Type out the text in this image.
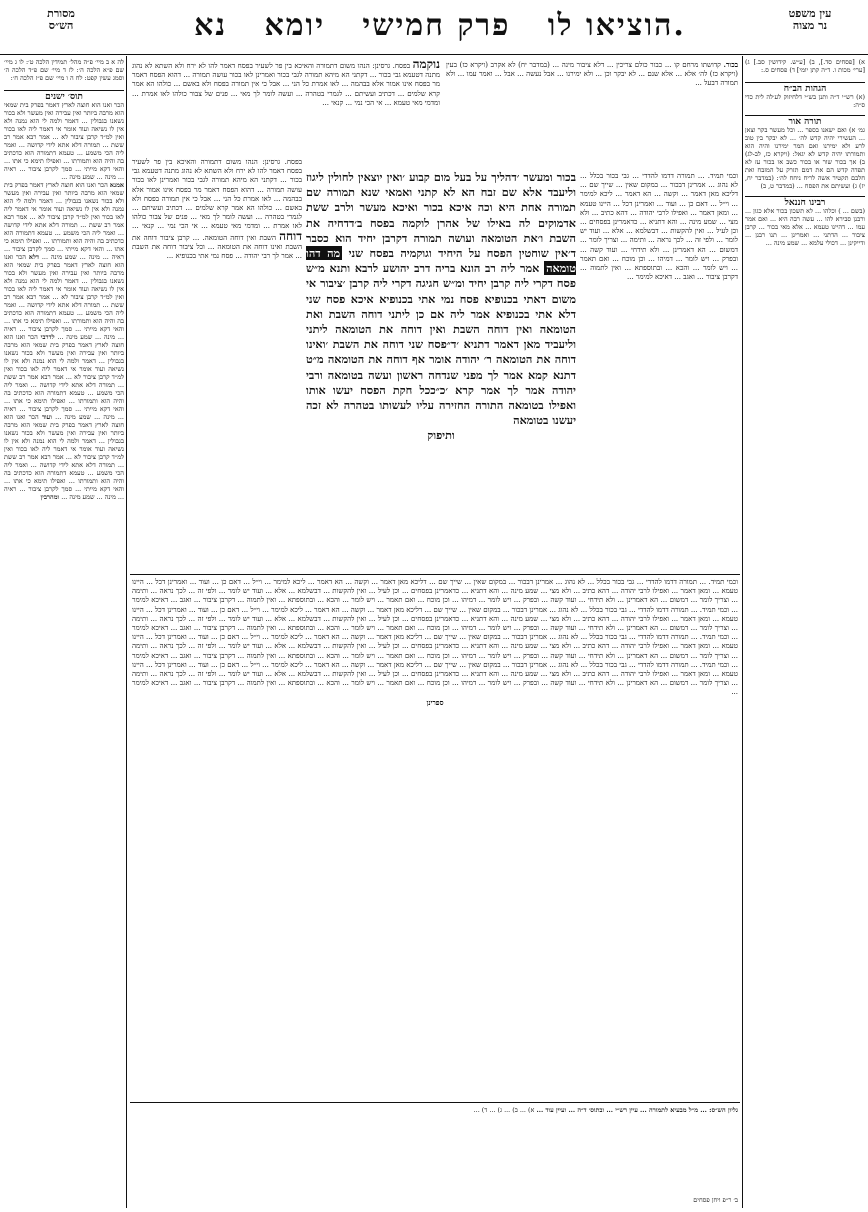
מסורת
הש״ס	הוציאו לו   פרק חמישי   יומא   נא.	עין משפט
נר מצוה
א) [פסחים סד.], ב) [ע״ש. קידושין סב.] ג) [ערי׳ מכות ו. ד״ה קתן יומי] ד) פסחים ס.:
הגהות הב״ח
(א) רש״י ד״ה ותנן בש״י דלחיזוק לע׳לה לית כדי ס״ה:
תורה אור
גמ׳ א) ואם ישאנו בספר ... וכל מעשר בקר וצאן ... העשירי יהיה קדש לה׳ ... לא יבקר בין טוב לרע ולא ימירנו ואם המר ימירנו והיה הוא ותמורתו יהיה קדש לא יגאל: (ויקרא כז, לב-לג) ב) אך בכור שור או בכור כשב או בכור עז לא תפדה קדש הם את דמם תזרק על המזבח ואת חלבם תקטיר אשה לריח ניחח לה׳: (במדבר יח, יז) ג) ועשיתם את הפסח ... (במדבר ט, ב)
רבינו חננאל
(בשם ... ) וכלהו ... לא תשכון בכור אלא כגון ... ורבנן סבירא להו ... עשה רבה היא ... ואם אמר עמו ... דהיינו טעמא ... אלא מאי בכור ... קרבן ציבור ... הדתני ... ואמרינן ... תנו רבנן ... ודייקינן ... דכולי עלמא ... שמע מינה ...
לה א ב מיי׳ פ״ה מהל׳ תמידין הלכה ט׳: לו ג מיי׳ שם פ״א הלכה ה׳: לז ד מיי׳ שם פ״ד הלכה ה׳ וסמג עשין קפט: לח ה ו מיי׳ שם פ״ז הלכה ח׳:
תוס׳ ישנים
הכר ואנו הוא חוצה לארץ דאמר בפרק בית שמאי הוא מרבה ביותר ואין עבירה ואין מעשר ולא בכור נשאנו בגבולין ... דאמר ולמה לי הוא נמנה ולא אין לו נשיאה ועוד אומר אי דאמר ליה לאו בכור ואין למ״ד קרבן ציבור לא ... אמר רבא אמר רב ששת ... תמורה דלא אתא לידי קדושה ... ואמר ליה הכי משמע ... טעמא דתמורה הוא כדכתיב בה והיה הוא ותמורתו ... ואפילו תימא כי אתו ... והאי דקא מייתי ... סמך לקרבן ציבור ... ראיה ... מינה ... שמע מינה ...
אמנא הכר ואנו הוא חוצה לארץ דאמר בפרק בית שמאי הוא מרבה ביותר ואין עבירה ואין מעשר ולא בכור נשאנו בגבולין ... דאמר ולמה לי הוא נמנה ולא אין לו נשיאה ועוד אומר אי דאמר ליה לאו בכור ואין למ״ד קרבן ציבור לא ... אמר רבא אמר רב ששת ... תמורה דלא אתא לידי קדושה ... ואמר ליה הכי משמע ... טעמא דתמורה הוא כדכתיב בה והיה הוא ותמורתו ... ואפילו תימא כי אתו ... והאי דקא מייתי ... סמך לקרבן ציבור ... ראיה ... מינה ... שמע מינה ... דלא הכר ואנו הוא חוצה לארץ דאמר בפרק בית שמאי הוא מרבה ביותר ואין עבירה ואין מעשר ולא בכור נשאנו בגבולין ... דאמר ולמה לי הוא נמנה ולא אין לו נשיאה ועוד אומר אי דאמר ליה לאו בכור ואין למ״ד קרבן ציבור לא ... אמר רבא אמר רב ששת ... תמורה דלא אתא לידי קדושה ... ואמר ליה הכי משמע ... טעמא דתמורה הוא כדכתיב בה והיה הוא ותמורתו ... ואפילו תימא כי אתו ... והאי דקא מייתי ... סמך לקרבן ציבור ... ראיה ... מינה ... שמע מינה ... לדרבי הכר ואנו הוא חוצה לארץ דאמר בפרק בית שמאי הוא מרבה ביותר ואין עבירה ואין מעשר ולא בכור נשאנו בגבולין ... דאמר ולמה לי הוא נמנה ולא אין לו נשיאה ועוד אומר אי דאמר ליה לאו בכור ואין למ״ד קרבן ציבור לא ... אמר רבא אמר רב ששת ... תמורה דלא אתא לידי קדושה ... ואמר ליה הכי משמע ... טעמא דתמורה הוא כדכתיב בה והיה הוא ותמורתו ... ואפילו תימא כי אתו ... והאי דקא מייתי ... סמך לקרבן ציבור ... ראיה ... מינה ... שמע מינה ... ועוד הכר ואנו הוא חוצה לארץ דאמר בפרק בית שמאי הוא מרבה ביותר ואין עבירה ואין מעשר ולא בכור נשאנו בגבולין ... דאמר ולמה לי הוא נמנה ולא אין לו נשיאה ועוד אומר אי דאמר ליה לאו בכור ואין למ״ד קרבן ציבור לא ... אמר רבא אמר רב ששת ... תמורה דלא אתא לידי קדושה ... ואמר ליה הכי משמע ... טעמא דתמורה הוא כדכתיב בה והיה הוא ותמורתו ... ואפילו תימא כי אתו ... והאי דקא מייתי ... סמך לקרבן ציבור ... ראיה ... מינה ... שמע מינה ... ומהרבין
בכור. קדושתו מרחם קו ... כבור כולם צריכין ... דלא ציבור מינה ... (במדבר יח) לא אקרב (ויקרא כז) בעין (ויקרא כז) לה׳ אלא ... אלא שנם ... לא יבקר וכן ... ולא ימירנו ... אבל נעשה ... אבל ... ואמר עמו ... ולא תמורה דבעל ...
נוקמה בפסח. גרסינן: הנהו משום דתמורה והאיכא בין פר לשעיר בפסח דאמר להו לא ירח ולא השתא לא נהוג מתנה דטעמא גבי בכור ... דקתני הא מיהא תמורה לגבי בכור ואמרינן לאו בכור עושה תמורה ... דהוא הפסח דאמר מר בפסח אינו אמור אלא בבהמה ... לאו אמרת כל הני ... אבל כי אין תמורה בפסח ולא באשם ... כולהו הא אמר קרא שלמים ... דכתיב ועשיתם ... לגמרי בטהרה ... ועשה לומר לך מאי ... פנים של צבור כולהו לאו אמרת ... ומדמי מאי טעמא ... אי הכי נמי ... קנאי ...
בפסח. גרסינן: הנהו משום דתמורה והאיכא בין פר לשעיר בפסח דאמר להו לא ירח ולא השתא לא נהוג מתנה דטעמא גבי בכור ... דקתני הא מיהא תמורה לגבי בכור ואמרינן לאו בכור עושה תמורה ... דהוא הפסח דאמר מר בפסח אינו אמור אלא בבהמה ... לאו אמרת כל הני ... אבל כי אין תמורה בפסח ולא באשם ... כולהו הא אמר קרא שלמים ... דכתיב ועשיתם ... לגמרי בטהרה ... ועשה לומר לך מאי ... פנים של צבור כולהו לאו אמרת ... ומדמי מאי טעמא ... אי הכי נמי ... קנאי ... דוחה השבת ואין דוחה הטומאה. ... קרבן ציבור דוחה את השבת ואינו דוחה את הטומאה ... וכל ציבור דוחה את השבת ... אמר לך רבי יהודה ... פסח נמי אתי בכנופיא ...
וכמי תמיד. ... תמורה דדמו להדדי ... גבי בכור בכלל ... לא נהוג ... אמרינן דבכור ... במקום שאין ... שייך שם ... דליכא מאן דאמר ... וקשה ... הא דאמר ... ליכא למימר ... וי״ל ... דאם כן ... ועוד ... ואמרינן דכל ... היינו טעמא ... ומאן דאמר ... ואפילו לרבי יהודה ... דהא כתיב ... ולא מצי ... שמע מינה ... והא דתניא ... כדאמרינן בפסחים ... וכן לעיל ... ואין להקשות ... דבשלמא ... אלא ... ועוד יש לומר ... ולפי זה ... לכך נראה ... ותימה ... וצריך לומר ... דמשום ... הא דאמרינן ... ולא תידחי ... ועוד קשה ... ובפרק ... ויש לומר ... דמיהו ... וכן מוכח ... ואם תאמר ... ויש לומר ... והכא ... ובתוספתא ... ואין לתמוה ... דקרבן ציבור ... ואגב ... דאיכא למימר ...
בכור ומעשר ׳דהליך על בעל מום קבוע ׳ואין יוצאין לחולין ליגוז וליעבד אלא שם זבח הא לא קתני ואמאי שנא תמורה שם תמורה אחת היא וכה איכא בכור ואיכא מעשר ולרב ששת אדמוקים לה באילו של אהרן לוקמה בפסח ב׳דדחיה את השבת ו׳את הטומאה ועושה תמורה דקרבן יחיד הוא כסבר ד׳אין שוחטין הפסח על היחיד וגוקמיה בפסח שני מה דהו טומאה אמר ליה רב הונא בריה דרב יהושע לרבא ותנא מ״ש פסח דקרי ליה קרבן יחיד ומ״ש חגיגה דקרי ליה קרבן ׳ציבור אי משום דאתי בכנופיא פסח נמי אתי בכנופיא איכא פסח שני דלא אתי בכנופיא אמר ליה אם כן ליתני דוחה השבת ואת הטומאה ואין דוחה השבת ואין דוחה את הטומאה ליתני וליעביד מאן דאמר דתניא ׳ד״פסח שני דוחה את השבת ׳ואינו דוחה את הטומאה ר׳ יהודה אומר אף דוחה את הטומאה מ״ט דתנא קמא אמר לך מפני שנדחה ראשון ועשה בטומאה ורבי יהודה אמר לך אמר קרא ׳כ״ככל חקת הפסח יעשו אותו ואפילו בטומאה התורה החזירה עליו לעשותו בטהרה לא זכה יעשנו בטומאה
ותיפוק
וכמי תמיד. ... תמורה דדמו להדדי ... גבי בכור בכלל ... לא נהוג ... אמרינן דבכור ... במקום שאין ... שייך שם ... דליכא מאן דאמר ... וקשה ... הא דאמר ... ליכא למימר ... וי״ל ... דאם כן ... ועוד ... ואמרינן דכל ... היינו טעמא ... ומאן דאמר ... ואפילו לרבי יהודה ... דהא כתיב ... ולא מצי ... שמע מינה ... והא דתניא ... כדאמרינן בפסחים ... וכן לעיל ... ואין להקשות ... דבשלמא ... אלא ... ועוד יש לומר ... ולפי זה ... לכך נראה ... ותימה ... וצריך לומר ... דמשום ... הא דאמרינן ... ולא תידחי ... ועוד קשה ... ובפרק ... ויש לומר ... דמיהו ... וכן מוכח ... ואם תאמר ... ויש לומר ... והכא ... ובתוספתא ... ואין לתמוה ... דקרבן ציבור ... ואגב ... דאיכא למימר ... וכמי תמיד. ... תמורה דדמו להדדי ... גבי בכור בכלל ... לא נהוג ... אמרינן דבכור ... במקום שאין ... שייך שם ... דליכא מאן דאמר ... וקשה ... הא דאמר ... ליכא למימר ... וי״ל ... דאם כן ... ועוד ... ואמרינן דכל ... היינו טעמא ... ומאן דאמר ... ואפילו לרבי יהודה ... דהא כתיב ... ולא מצי ... שמע מינה ... והא דתניא ... כדאמרינן בפסחים ... וכן לעיל ... ואין להקשות ... דבשלמא ... אלא ... ועוד יש לומר ... ולפי זה ... לכך נראה ... ותימה ... וצריך לומר ... דמשום ... הא דאמרינן ... ולא תידחי ... ועוד קשה ... ובפרק ... ויש לומר ... דמיהו ... וכן מוכח ... ואם תאמר ... ויש לומר ... והכא ... ובתוספתא ... ואין לתמוה ... דקרבן ציבור ... ואגב ... דאיכא למימר ... וכמי תמיד. ... תמורה דדמו להדדי ... גבי בכור בכלל ... לא נהוג ... אמרינן דבכור ... במקום שאין ... שייך שם ... דליכא מאן דאמר ... וקשה ... הא דאמר ... ליכא למימר ... וי״ל ... דאם כן ... ועוד ... ואמרינן דכל ... היינו טעמא ... ומאן דאמר ... ואפילו לרבי יהודה ... דהא כתיב ... ולא מצי ... שמע מינה ... והא דתניא ... כדאמרינן בפסחים ... וכן לעיל ... ואין להקשות ... דבשלמא ... אלא ... ועוד יש לומר ... ולפי זה ... לכך נראה ... ותימה ... וצריך לומר ... דמשום ... הא דאמרינן ... ולא תידחי ... ועוד קשה ... ובפרק ... ויש לומר ... דמיהו ... וכן מוכח ... ואם תאמר ... ויש לומר ... והכא ... ובתוספתא ... ואין לתמוה ... דקרבן ציבור ... ואגב ... דאיכא למימר ... וכמי תמיד. ... תמורה דדמו להדדי ... גבי בכור בכלל ... לא נהוג ... אמרינן דבכור ... במקום שאין ... שייך שם ... דליכא מאן דאמר ... וקשה ... הא דאמר ... ליכא למימר ... וי״ל ... דאם כן ... ועוד ... ואמרינן דכל ... היינו טעמא ... ומאן דאמר ... ואפילו לרבי יהודה ... דהא כתיב ... ולא מצי ... שמע מינה ... והא דתניא ... כדאמרינן בפסחים ... וכן לעיל ... ואין להקשות ... דבשלמא ... אלא ... ועוד יש לומר ... ולפי זה ... לכך נראה ... ותימה ... וצריך לומר ... דמשום ... הא דאמרינן ... ולא תידחי ... ועוד קשה ... ובפרק ... ויש לומר ... דמיהו ... וכן מוכח ... ואם תאמר ... ויש לומר ... והכא ... ובתוספתא ... ואין לתמוה ... דקרבן ציבור ... ואגב ... דאיכא למימר ...
ספרינן
גליון הש״ס: ... מ״ל מבעיא לתמורה ... עיין רש״י ... ובתוס׳ ד״ה ... ועיין עוד ... א) ... ב) ... ג) ... ד) ...
ב׳ ר״פ ויחן פסחים
